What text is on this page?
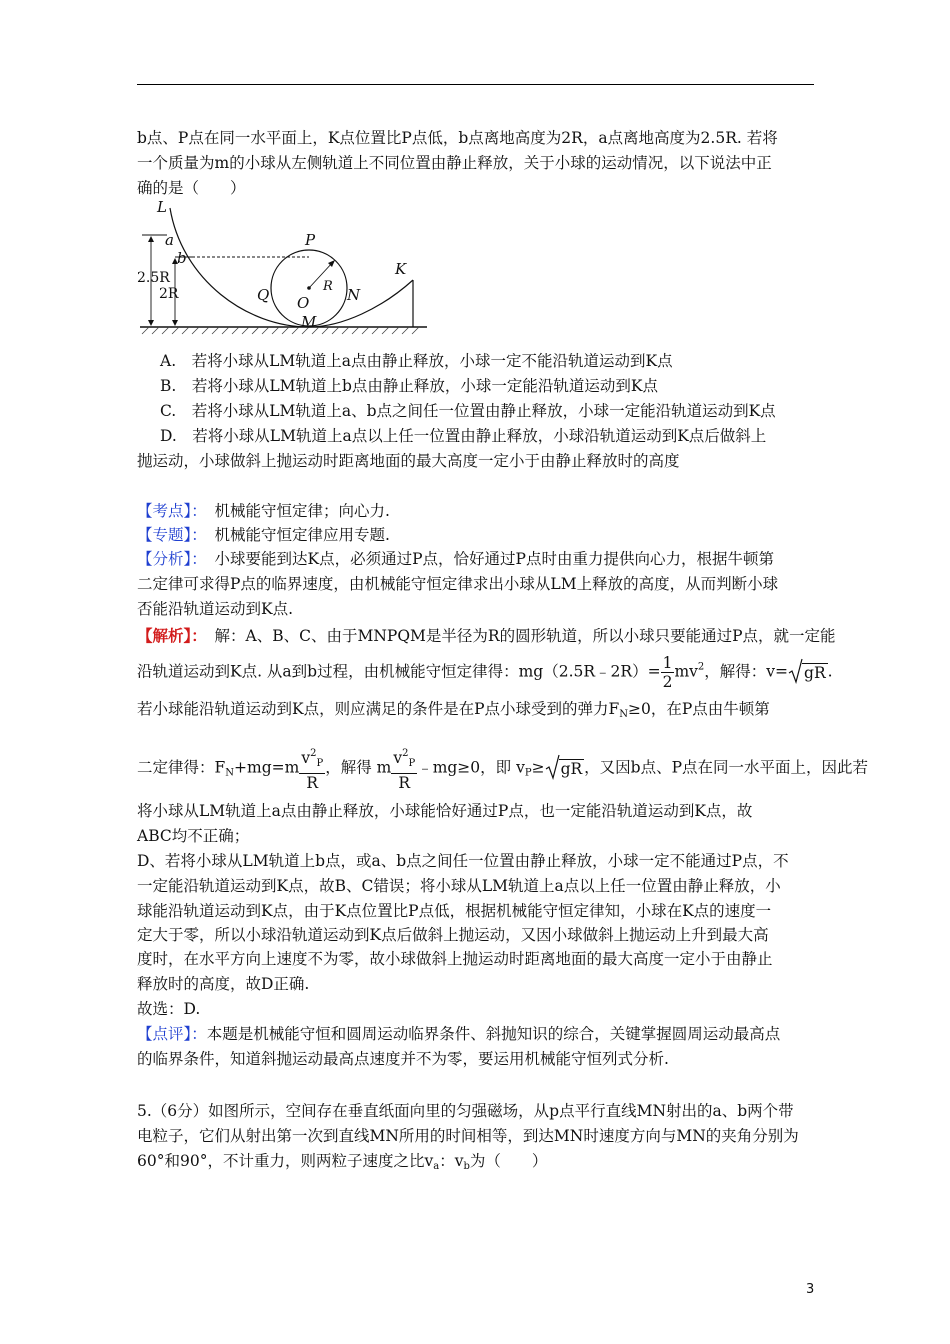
b点、P点在同一水平面上，K点位置比P点低，b点离地高度为2R，a点离地高度为2.5R. 若将
一个质量为m的小球从左侧轨道上不同位置由静止释放，关于小球的运动情况，以下说法中正
确的是（　　）
L
a
b
2.5R
2R
P
R
Q O	N
M
K
A.　若将小球从LM轨道上a点由静止释放，小球一定不能沿轨道运动到K点
B.　若将小球从LM轨道上b点由静止释放，小球一定能沿轨道运动到K点
C.　若将小球从LM轨道上a、b点之间任一位置由静止释放，小球一定能沿轨道运动到K点
D.　若将小球从LM轨道上a点以上任一位置由静止释放，小球沿轨道运动到K点后做斜上
抛运动，小球做斜上抛运动时距离地面的最大高度一定小于由静止释放时的高度
【考点】：　机械能守恒定律；向心力.
【专题】：　机械能守恒定律应用专题.
【分析】：　小球要能到达K点，必须通过P点，恰好通过P点时由重力提供向心力，根据牛顿第
二定律可求得P点的临界速度，由机械能守恒定律求出小球从LM上释放的高度，从而判断小球
否能沿轨道运动到K点.
【解析】：　解：A、B、C、由于MNPQM是半径为R的圆形轨道，所以小球只要能通过P点，就一定能
沿轨道运动到K点. 从a到b过程，由机械能守恒定律得：mg（2.5R﹣2R）= $\frac{1}{2} mv^2$，解得：v= gR .
若小球能沿轨道运动到K点，则应满足的条件是在P点小球受到的弹力$F_N\ge 0$，在P点由牛顿第
二定律得：$F_N+mg=m \frac{v^2_P}{R}$ ，解得 m $\frac{v^2_P}{R}$ ﹣mg≥0，即 $v_P\ge$ gR ，又因b点、P点在同一水平面上，因此若
将小球从LM轨道上a点由静止释放，小球能恰好通过P点，也一定能沿轨道运动到K点，故
ABC均不正确；
D、若将小球从LM轨道上b点，或a、b点之间任一位置由静止释放，小球一定不能通过P点，不
一定能沿轨道运动到K点，故B、C错误；将小球从LM轨道上a点以上任一位置由静止释放，小
球能沿轨道运动到K点，由于K点位置比P点低，根据机械能守恒定律知，小球在K点的速度一
定大于零，所以小球沿轨道运动到K点后做斜上抛运动，又因小球做斜上抛运动上升到最大高
度时，在水平方向上速度不为零，故小球做斜上抛运动时距离地面的最大高度一定小于由静止
释放时的高度，故D正确.
故选：D.
【点评】：本题是机械能守恒和圆周运动临界条件、斜抛知识的综合，关键掌握圆周运动最高点
的临界条件，知道斜抛运动最高点速度并不为零，要运用机械能守恒列式分析.
5.（6分）如图所示，空间存在垂直纸面向里的匀强磁场，从p点平行直线MN射出的a、b两个带
电粒子，它们从射出第一次到直线MN所用的时间相等，到达MN时速度方向与MN的夹角分别为
60°和90°，不计重力，则两粒子速度之比$v_a$：$v_b$为（　　）
3
